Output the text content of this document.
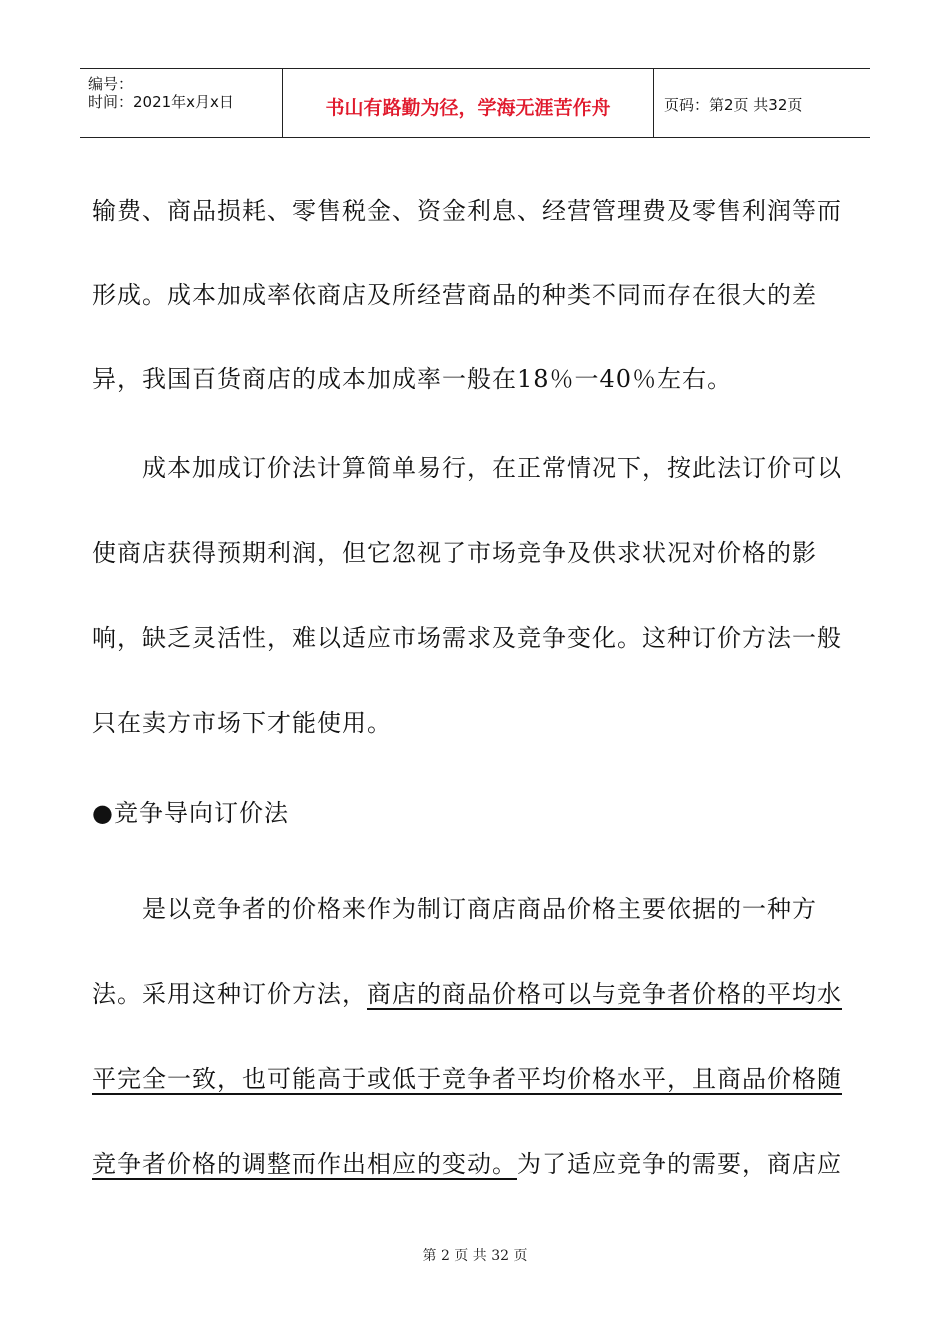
编号：
时间：2021年x月x日	书山有路勤为径，学海无涯苦作舟	页码：第2页 共32页
输费、商品损耗、零售税金、资金利息、经营管理费及零售利润等而
形成。成本加成率依商店及所经营商品的种类不同而存在很大的差
异，我国百货商店的成本加成率一般在18％一40％左右。
　　成本加成订价法计算简单易行，在正常情况下，按此法订价可以
使商店获得预期利润，但它忽视了市场竞争及供求状况对价格的影
响，缺乏灵活性，难以适应市场需求及竞争变化。这种订价方法一般
只在卖方市场下才能使用。
●竞争导向订价法
　　是以竞争者的价格来作为制订商店商品价格主要依据的一种方
法。采用这种订价方法，商店的商品价格可以与竞争者价格的平均水
平完全一致，也可能高于或低于竞争者平均价格水平，且商品价格随
竞争者价格的调整而作出相应的变动。为了适应竞争的需要，商店应
第 2 页 共 32 页
